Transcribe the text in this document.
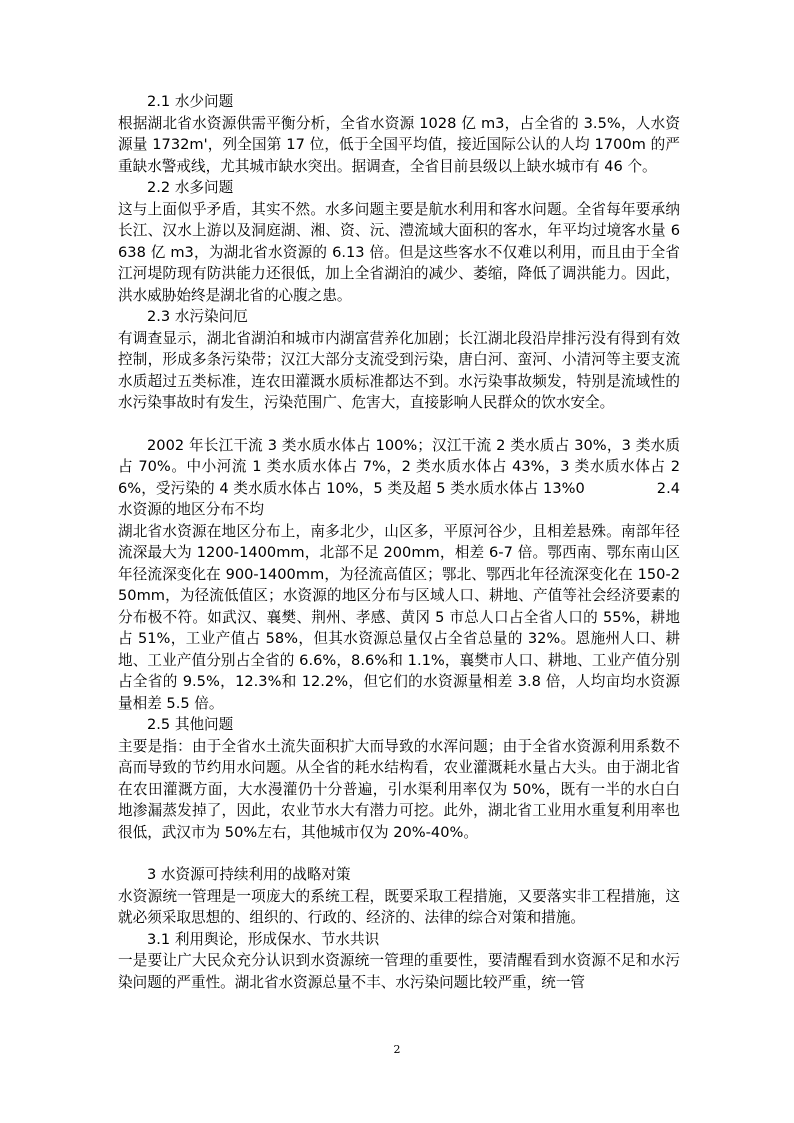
2.1 水少问题

根据湖北省水资源供需平衡分析，全省水资源 1028 亿 m3，占全省的 3.5%，人水资源量 1732m'，列全国第 17 位，低于全国平均值，接近国际公认的人均 1700m 的严重缺水警戒线，尤其城市缺水突出。据调查，全省目前县级以上缺水城市有 46 个。

2.2 水多问题

这与上面似乎矛盾，其实不然。水多问题主要是航水利用和客水问题。全省每年要承纳长江、汉水上游以及洞庭湖、湘、资、沅、澧流域大面积的客水，年平均过境客水量 6638 亿 m3，为湖北省水资源的 6.13 倍。但是这些客水不仅难以利用，而且由于全省江河堤防现有防洪能力还很低，加上全省湖泊的减少、萎缩，降低了调洪能力。因此，洪水威胁始终是湖北省的心腹之患。

2.3 水污染问厄

有调查显示，湖北省湖泊和城市内湖富营养化加剧；长江湖北段沿岸排污没有得到有效控制，形成多条污染带；汉江大部分支流受到污染，唐白河、蛮河、小清河等主要支流水质超过五类标准，连农田灌溉水质标准都达不到。水污染事故频发，特别是流域性的水污染事故时有发生，污染范围广、危害大，直接影响人民群众的饮水安全。

2002 年长江干流 3 类水质水体占 100%；汉江干流 2 类水质占 30%，3 类水质占 70%。中小河流 1 类水质水体占 7%，2 类水质水体占 43%，3 类水质水体占 26%，受污染的 4 类水质水体占 10%，5 类及超 5 类水质水体占 13%0	2.4 水资源的地区分布不均

湖北省水资源在地区分布上，南多北少，山区多，平原河谷少，且相差悬殊。南部年径流深最大为 1200-1400mm，北部不足 200mm，相差 6-7 倍。鄂西南、鄂东南山区年径流深变化在 900-1400mm，为径流高值区；鄂北、鄂西北年径流深变化在 150-250mm，为径流低值区；水资源的地区分布与区域人口、耕地、产值等社会经济要素的分布极不符。如武汉、襄樊、荆州、孝感、黄冈 5 市总人口占全省人口的 55%，耕地占 51%，工业产值占 58%，但其水资源总量仅占全省总量的 32%。恩施州人口、耕地、工业产值分别占全省的 6.6%，8.6%和 1.1%，襄樊市人口、耕地、工业产值分别占全省的 9.5%，12.3%和 12.2%，但它们的水资源量相差 3.8 倍，人均亩均水资源量相差 5.5 倍。

2.5 其他问题

主要是指：由于全省水土流失面积扩大而导致的水浑问题；由于全省水资源利用系数不高而导致的节约用水问题。从全省的耗水结构看，农业灌溉耗水量占大头。由于湖北省在农田灌溉方面，大水漫灌仍十分普遍，引水渠利用率仅为 50%，既有一半的水白白地渗漏蒸发掉了，因此，农业节水大有潜力可挖。此外，湖北省工业用水重复利用率也很低，武汉市为 50%左右，其他城市仅为 20%-40%。

3 水资源可持续利用的战略对策

水资源统一管理是一项庞大的系统工程，既要采取工程措施，又要落实非工程措施，这就必须采取思想的、组织的、行政的、经济的、法律的综合对策和措施。

3.1 利用舆论，形成保水、节水共识

一是要让广大民众充分认识到水资源统一管理的重要性，要清醒看到水资源不足和水污染问题的严重性。湖北省水资源总量不丰、水污染问题比较严重，统一管

2
